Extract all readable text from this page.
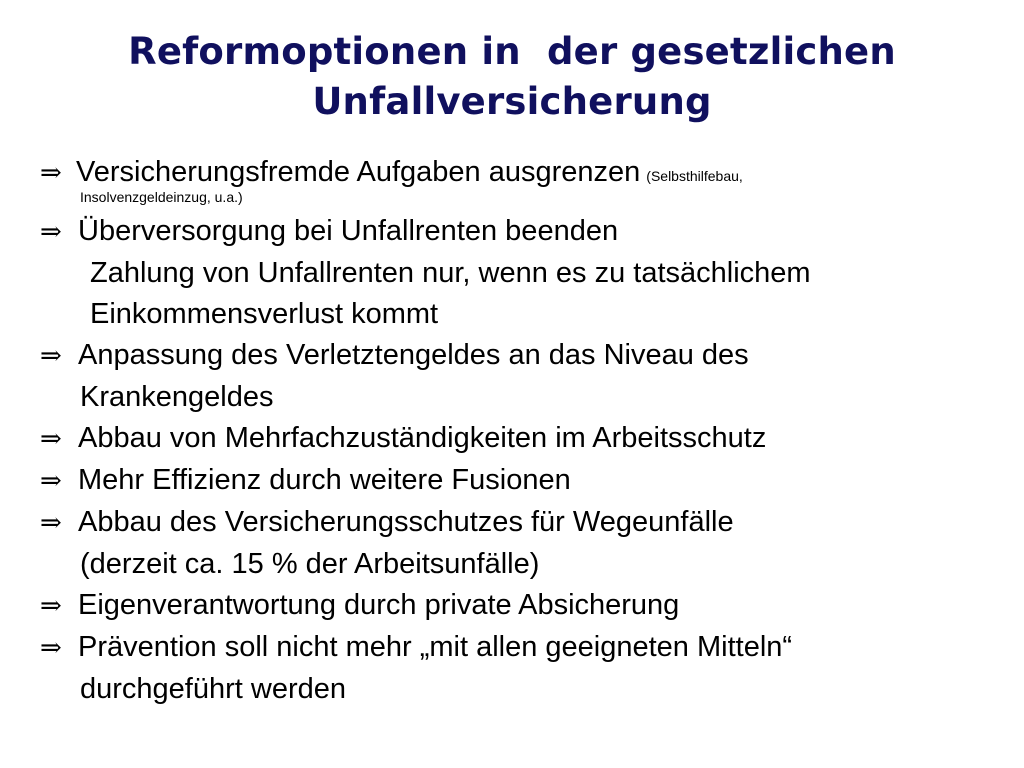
Reformoptionen in  der gesetzlichen
Unfallversicherung
⇒ Versicherungsfremde Aufgaben ausgrenzen (Selbsthilfebau,
Insolvenzgeldeinzug, u.a.)
⇒ Überversorgung bei Unfallrenten beenden
Zahlung von Unfallrenten nur, wenn es zu tatsächlichem
Einkommensverlust kommt
⇒ Anpassung des Verletztengeldes an das Niveau des
Krankengeldes
⇒ Abbau von Mehrfachzuständigkeiten im Arbeitsschutz
⇒ Mehr Effizienz durch weitere Fusionen
⇒ Abbau des Versicherungsschutzes für Wegeunfälle
(derzeit ca. 15 % der Arbeitsunfälle)
⇒ Eigenverantwortung durch private Absicherung
⇒ Prävention soll nicht mehr „mit allen geeigneten Mitteln“
durchgeführt werden
